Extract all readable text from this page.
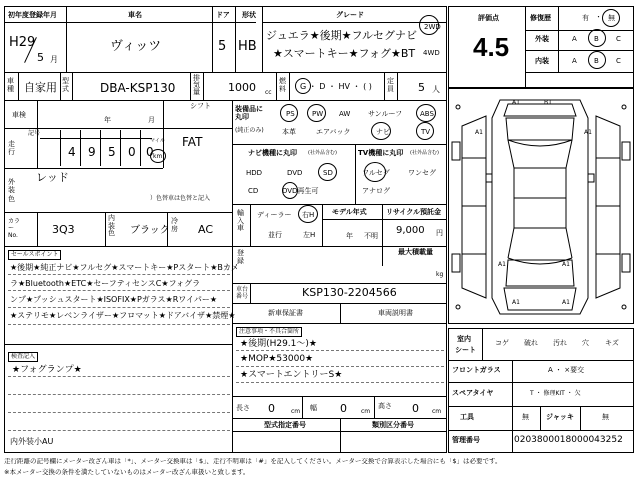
初年度登録年月	車名	ドア 形状	グレード
H29
5 月
ヴィッツ	5 HB
ジュエラ★後期★フルセグナビ
★スマートキー★フォグ★BT
2WD
4WD
車種 自家用 型式	DBA-KSP130
排気量	1000 cc
燃料 G ・ D ・ HV ・ ( )
定員 5 人
車検
年	月
シフト
FAT
走行
記号
4 9 5 0 0
マイル
km
外装色
レッド
）色替車は色替と記入
カラーNo.	3Q3
内装色 ブラック
冷房 AC
装備品に丸印
(純正のみ)
PS PW AW	サンルーフ	ABS
本革	エアバック	ナビ	TV
ナビ機種に丸印 (社外品含む)
HDD	DVD	SD
CD	DVD再生可
TV機種に丸印 (社外品含む)
フルセグ	ワンセグ
アナログ
輸入車
ディーラー 右H
並行	左H
モデル年式
年 不明
リサイクル預託金
9,000 円
登録
最大積載量
kg
セールスポイント
★後期★純正ナビ★フルセグ★スマートキー★Pスタート★Bカメ
ラ★Bluetooth★ETC★セーフティセンスC★フォグラ
ンプ★プッシュスタート★ISOFIX★Pガラス★Rワイパー★
★ステリモ★レベンライザー★フロマット★ドアバイザ★禁煙★
車台番号	KSP130-2204566
検査記入
★フォグランプ★
内外装小AU
新車保証書	車両説明書
注意事項・不具合箇所
★後期(H29.1〜)★
★MOP★53000★
★スマートエントリーS★
長さ 0	cm 幅 0 cm
高さ 0 cm
型式指定番号	類別区分番号
評価点
4.5
修復歴	有 ・ 無
外装	A B C
内装	A B C
A1	B1
A1
A1
A1	A1
A1	A1
室内
シート
コゲ 破れ 汚れ 穴 キズ
フロントガラス	A ・ ×要交
スペアタイヤ	T ・ 修理KIT ・ 欠
工具	無 ジャッキ	無
管理番号	0203800018000043252
走行距離の記号欄にメーター改ざん車は「*」、メーター交換車は「$」、走行不明車は「#」を記入してください。メーター交換で合算表示した場合にも「$」は必要です。
※本メーター交換の条件を満たしていないものはメーター改ざん車扱いと致します。
